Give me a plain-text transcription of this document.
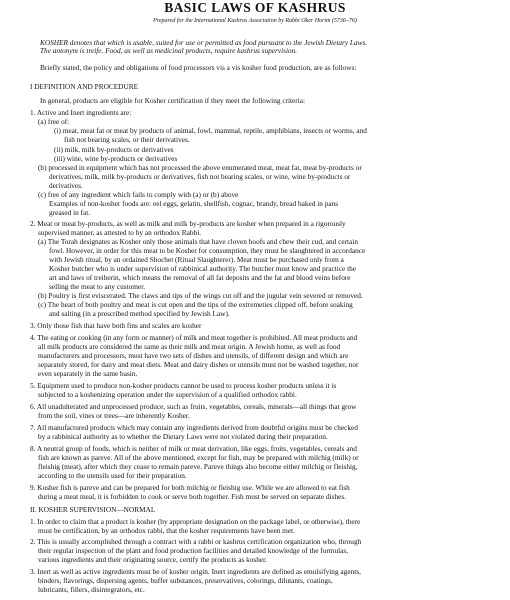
BASIC LAWS OF KASHRUS
Prepared for the International Kashrus Association by Rabbi Oker Horim (5736–76)
KOSHER denotes that which is usable, suited for use or permitted as food pursuant to the Jewish Dietary Laws.
The antonym is treife. Food, as well as medicinal products, require kashrus supervision.
Briefly stated, the policy and obligations of food processors vis a vis kosher food production, are as follows:
I DEFINITION AND PROCEDURE
In general, products are eligible for Kosher certification if they meet the following criteria:
1. Active and Inert ingredients are:
(a) free of:
(i) meat, meat fat or meat by products of animal, fowl, mammal, reptile, amphibians, insects or worms, and
fish not bearing scales, or their derivatives.
(ii) milk, milk by-products or derivatives
(iii) wine, wine by-products or derivatives
(b) processed in equipment which has not processed the above enumerated meat, meat fat, meat by-products or
derivatives, milk, milk by-products or derivatives, fish not bearing scales, or wine, wine by-products or
derivatives.
(c) free of any ingredient which fails to comply with (a) or (b) above
Examples of non-kosher foods are: eel eggs, gelatin, shellfish, cognac, brandy, bread baked in pans
greased in fat.
2. Meat or meat by-products, as well as milk and milk by-products are kosher when prepared in a rigorously
supervised manner, as attested to by an orthodox Rabbi.
(a) The Torah designates as Kosher only those animals that have cloven hoofs and chew their cud, and certain
fowl. However, in order for this meat to be Kosher for consumption, they must be slaughtered in accordance
with Jewish ritual, by an ordained Shochet (Ritual Slaughterer). Meat must be purchased only from a
Kosher butcher who is under supervision of rabbinical authority. The butcher must know and practice the
art and laws of treiberin, which means the removal of all fat deposits and the fat and blood veins before
selling the meat to any customer.
(b) Poultry is first eviscerated. The claws and tips of the wings cut off and the jugular vein severed or removed.
(c) The heart of both poultry and meat is cut open and the tips of the extremeties clipped off, before soaking
and salting (in a prescribed method specified by Jewish Law).
3. Only those fish that have both fins and scales are kosher
4. The eating or cooking (in any form or manner) of milk and meat together is prohibited. All meat products and
all milk products are considered the same as their milk and meat origin. A Jewish home, as well as food
manufacturers and processors, must have two sets of dishes and utensils, of different design and which are
separately stored, for dairy and meat diets. Meat and dairy dishes or utensils must not be washed together, nor
even separately in the same basin.
5. Equipment used to produce non-kosher products cannot be used to process kosher products unless it is
subjected to a koshenizing operation under the supervision of a qualified orthodox rabbi.
6. All unadulterated and unprocessed produce, such as fruits, vegetables, cereals, minerals—all things that grow
from the soil, vines or trees—are inherently Kosher.
7. All manufactured products which may contain any ingredients derived from doubtful origins must be checked
by a rabbinical authority as to whether the Dietary Laws were not violated during their preparation.
8. A neutral group of foods, which is neither of milk or meat derivation, like eggs, fruits, vegetables, cereals and
fish are known as pareve. All of the above mentioned, except for fish, may be prepared with milchig (milk) or
fleishig (meat), after which they cease to remain pareve. Pareve things also become either milchig or fleishig,
according to the utensils used for their preparation.
9. Kosher fish is pareve and can be prepared for both milchig or fleishig use. While we are allowed to eat fish
during a meat meal, it is forbidden to cook or serve both together. Fish must be served on separate dishes.
II. KOSHER SUPERVISION—NORMAL
1. In order to claim that a product is kosher (by appropriate designation on the package label, or otherwise), there
must be certification, by an orthodox rabbi, that the kosher requirements have been met.
2. This is usually accomplished through a contract with a rabbi or kashrus certification organization who, through
their regular inspection of the plant and food production facilities and detailed knowledge of the formulas,
various ingredients and their originating source, certify the products as kosher.
3. Inert as well as active ingredients must be of kosher origin. Inert ingredients are defined as emulsifying agents,
binders, flavorings, dispersing agents, buffer substances, preservatives, colorings, dilutants, coatings,
lubricants, fillers, disintegrators, etc.
